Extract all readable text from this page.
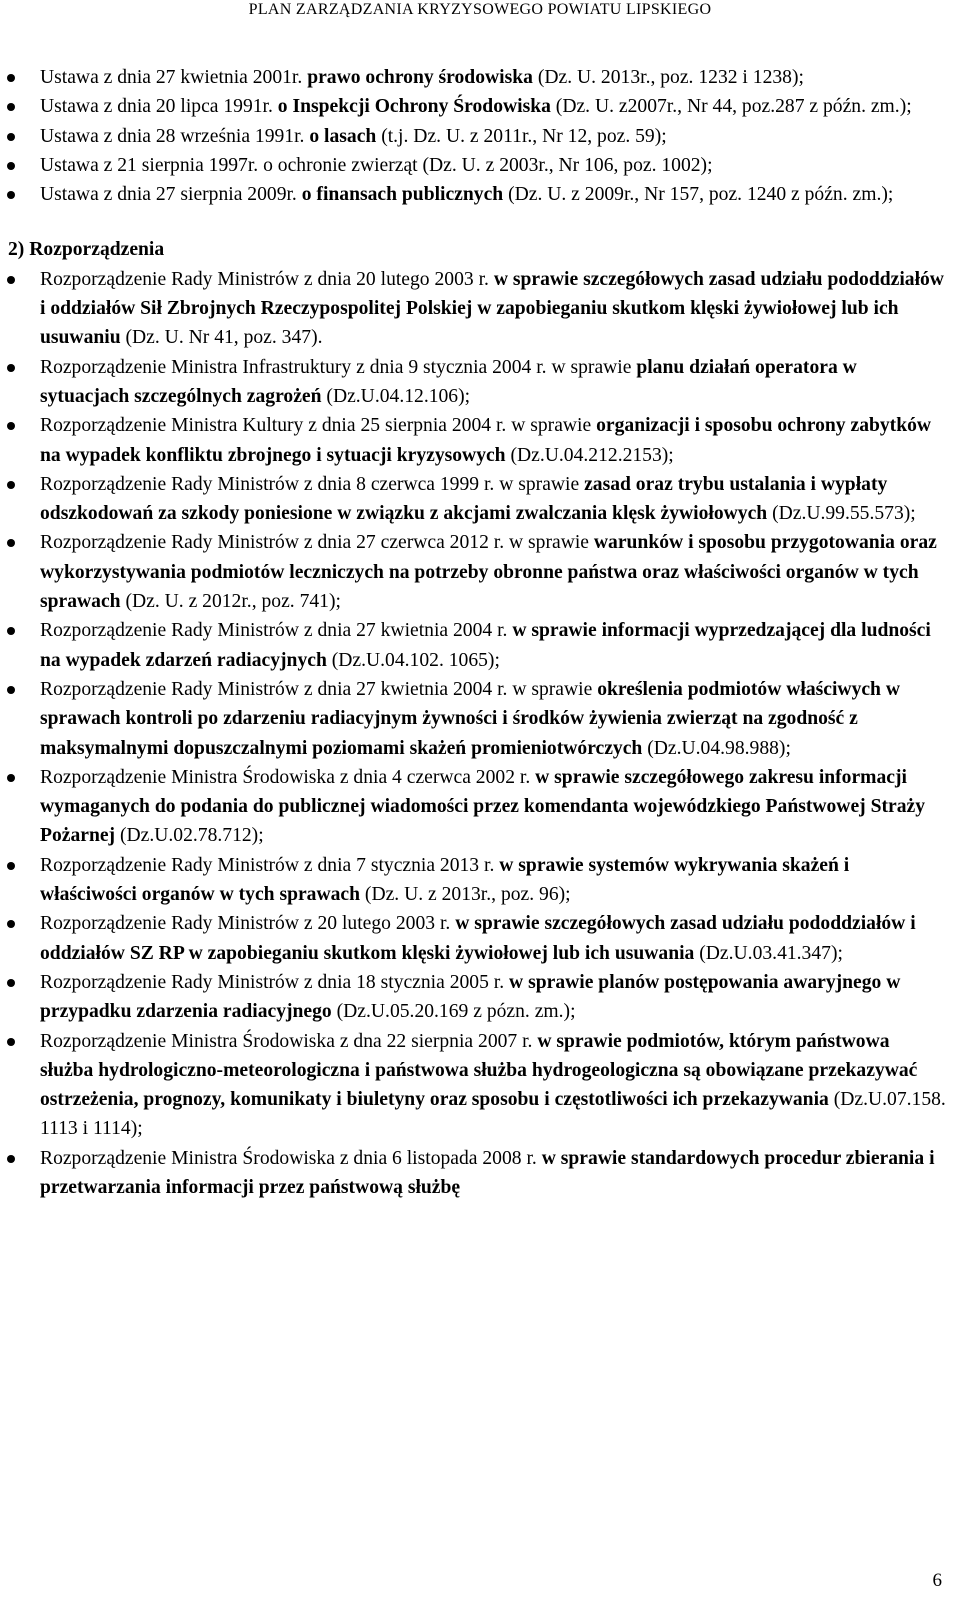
PLAN ZARZĄDZANIA KRYZYSOWEGO POWIATU LIPSKIEGO
Ustawa z dnia 27 kwietnia 2001r. prawo ochrony środowiska (Dz. U. 2013r., poz. 1232 i 1238);
Ustawa z dnia 20 lipca 1991r. o Inspekcji Ochrony Środowiska (Dz. U. z2007r., Nr 44, poz.287 z późn. zm.);
Ustawa z dnia 28 września 1991r. o lasach (t.j. Dz. U. z 2011r., Nr 12, poz. 59);
Ustawa z 21 sierpnia 1997r. o ochronie zwierząt (Dz. U. z 2003r., Nr 106, poz. 1002);
Ustawa z dnia 27 sierpnia 2009r. o finansach publicznych (Dz. U. z 2009r., Nr 157, poz. 1240 z późn. zm.);
2) Rozporządzenia
Rozporządzenie Rady Ministrów z dnia 20 lutego 2003 r. w sprawie szczegółowych zasad udziału pododdziałów i oddziałów Sił Zbrojnych Rzeczypospolitej Polskiej w zapobieganiu skutkom klęski żywiołowej lub ich usuwaniu (Dz. U. Nr 41, poz. 347).
Rozporządzenie Ministra Infrastruktury z dnia 9 stycznia 2004 r. w sprawie planu działań operatora w sytuacjach szczególnych zagrożeń (Dz.U.04.12.106);
Rozporządzenie Ministra Kultury z dnia 25 sierpnia 2004 r. w sprawie organizacji i sposobu ochrony zabytków na wypadek konfliktu zbrojnego i sytuacji kryzysowych (Dz.U.04.212.2153);
Rozporządzenie Rady Ministrów z dnia 8 czerwca 1999 r. w sprawie zasad oraz trybu ustalania i wypłaty odszkodowań za szkody poniesione w związku z akcjami zwalczania klęsk żywiołowych (Dz.U.99.55.573);
Rozporządzenie Rady Ministrów z dnia 27 czerwca 2012 r. w sprawie warunków i sposobu przygotowania oraz wykorzystywania podmiotów leczniczych na potrzeby obronne państwa oraz właściwości organów w tych sprawach (Dz. U. z 2012r., poz. 741);
Rozporządzenie Rady Ministrów z dnia 27 kwietnia 2004 r. w sprawie informacji wyprzedzającej dla ludności na wypadek zdarzeń radiacyjnych (Dz.U.04.102. 1065);
Rozporządzenie Rady Ministrów z dnia 27 kwietnia 2004 r. w sprawie określenia podmiotów właściwych w sprawach kontroli po zdarzeniu radiacyjnym żywności i środków żywienia zwierząt na zgodność z maksymalnymi dopuszczalnymi poziomami skażeń promieniotwórczych (Dz.U.04.98.988);
Rozporządzenie Ministra Środowiska z dnia 4 czerwca 2002 r. w sprawie szczegółowego zakresu informacji wymaganych do podania do publicznej wiadomości przez komendanta wojewódzkiego Państwowej Straży Pożarnej (Dz.U.02.78.712);
Rozporządzenie Rady Ministrów z dnia 7 stycznia 2013 r. w sprawie systemów wykrywania skażeń i właściwości organów w tych sprawach (Dz. U. z 2013r., poz. 96);
Rozporządzenie Rady Ministrów z 20 lutego 2003 r. w sprawie szczegółowych zasad udziału pododdziałów i oddziałów SZ RP w zapobieganiu skutkom klęski żywiołowej lub ich usuwania (Dz.U.03.41.347);
Rozporządzenie Rady Ministrów z dnia 18 stycznia 2005 r. w sprawie planów postępowania awaryjnego w przypadku zdarzenia radiacyjnego (Dz.U.05.20.169 z pózn. zm.);
Rozporządzenie Ministra Środowiska z dna 22 sierpnia 2007 r. w sprawie podmiotów, którym państwowa służba hydrologiczno-meteorologiczna i państwowa służba hydrogeologiczna są obowiązane przekazywać ostrzeżenia, prognozy, komunikaty i biuletyny oraz sposobu i częstotliwości ich przekazywania (Dz.U.07.158. 1113 i 1114);
Rozporządzenie Ministra Środowiska z dnia 6 listopada 2008 r. w sprawie standardowych procedur zbierania i przetwarzania informacji przez państwową służbę
6
